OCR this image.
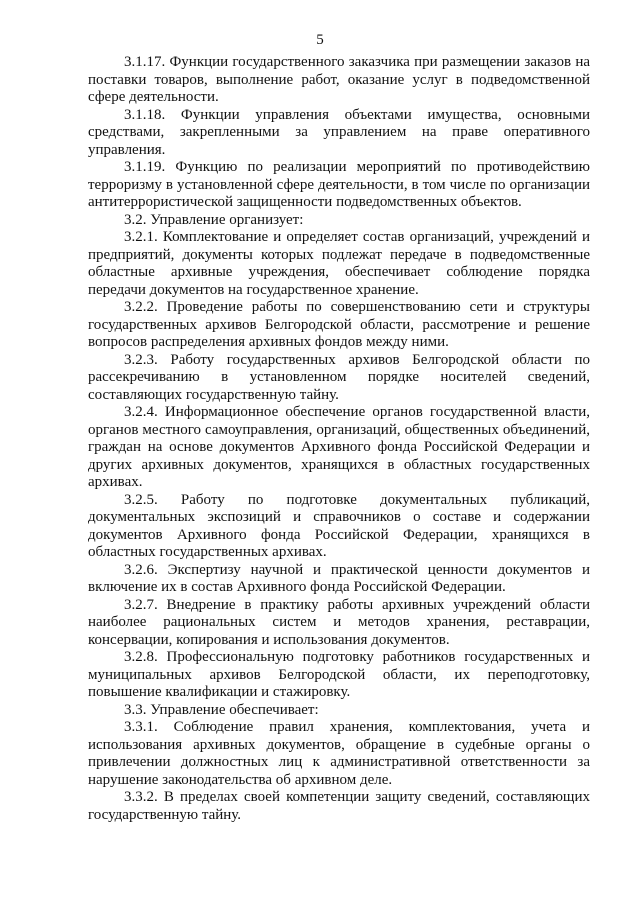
5

3.1.17. Функции государственного заказчика при размещении заказов на поставки товаров, выполнение работ, оказание услуг в подведомственной сфере деятельности.

3.1.18. Функции управления объектами имущества, основными средствами, закрепленными за управлением на праве оперативного управления.

3.1.19. Функцию по реализации мероприятий по противодействию терроризму в установленной сфере деятельности, в том числе по организации антитеррористической защищенности подведомственных объектов.

3.2. Управление организует:

3.2.1. Комплектование и определяет состав организаций, учреждений и предприятий, документы которых подлежат передаче в подведомственные областные архивные учреждения, обеспечивает соблюдение порядка передачи документов на государственное хранение.

3.2.2. Проведение работы по совершенствованию сети и структуры государственных архивов Белгородской области, рассмотрение и решение вопросов распределения архивных фондов между ними.

3.2.3. Работу государственных архивов Белгородской области по рассекречиванию в установленном порядке носителей сведений, составляющих государственную тайну.

3.2.4. Информационное обеспечение органов государственной власти, органов местного самоуправления, организаций, общественных объединений, граждан на основе документов Архивного фонда Российской Федерации и других архивных документов, хранящихся в областных государственных архивах.

3.2.5. Работу по подготовке документальных публикаций, документальных экспозиций и справочников о составе и содержании документов Архивного фонда Российской Федерации, хранящихся в областных государственных архивах.

3.2.6. Экспертизу научной и практической ценности документов и включение их в состав Архивного фонда Российской Федерации.

3.2.7. Внедрение в практику работы архивных учреждений области наиболее рациональных систем и методов хранения, реставрации, консервации, копирования и использования документов.

3.2.8. Профессиональную подготовку работников государственных и муниципальных архивов Белгородской области, их переподготовку, повышение квалификации и стажировку.

3.3. Управление обеспечивает:

3.3.1. Соблюдение правил хранения, комплектования, учета и использования архивных документов, обращение в судебные органы о привлечении должностных лиц к административной ответственности за нарушение законодательства об архивном деле.

3.3.2. В пределах своей компетенции защиту сведений, составляющих государственную тайну.
